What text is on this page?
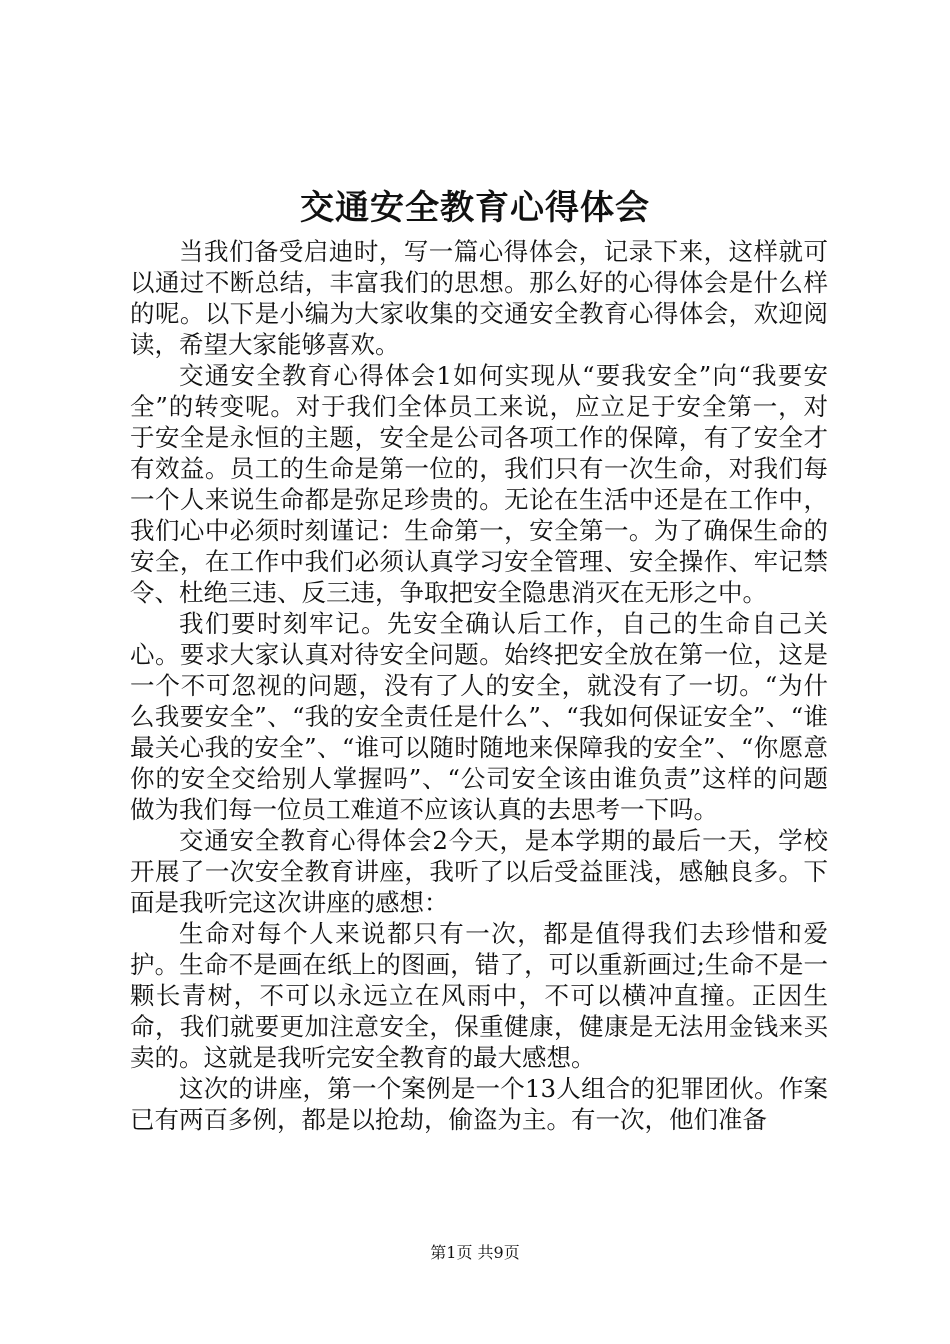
交通安全教育心得体会

当我们备受启迪时，写一篇心得体会，记录下来，这样就可以通过不断总结，丰富我们的思想。那么好的心得体会是什么样的呢。以下是小编为大家收集的交通安全教育心得体会，欢迎阅读，希望大家能够喜欢。

交通安全教育心得体会1如何实现从“要我安全”向“我要安全”的转变呢。对于我们全体员工来说，应立足于安全第一，对于安全是永恒的主题，安全是公司各项工作的保障，有了安全才有效益。员工的生命是第一位的，我们只有一次生命，对我们每一个人来说生命都是弥足珍贵的。无论在生活中还是在工作中，我们心中必须时刻谨记：生命第一，安全第一。为了确保生命的安全，在工作中我们必须认真学习安全管理、安全操作、牢记禁令、杜绝三违、反三违，争取把安全隐患消灭在无形之中。

我们要时刻牢记。先安全确认后工作，自己的生命自己关心。要求大家认真对待安全问题。始终把安全放在第一位，这是一个不可忽视的问题，没有了人的安全，就没有了一切。“为什么我要安全”、“我的安全责任是什么”、“我如何保证安全”、“谁最关心我的安全”、“谁可以随时随地来保障我的安全”、“你愿意你的安全交给别人掌握吗”、“公司安全该由谁负责”这样的问题做为我们每一位员工难道不应该认真的去思考一下吗。

交通安全教育心得体会2今天，是本学期的最后一天，学校开展了一次安全教育讲座，我听了以后受益匪浅，感触良多。下面是我听完这次讲座的感想：

生命对每个人来说都只有一次，都是值得我们去珍惜和爱护。生命不是画在纸上的图画，错了，可以重新画过;生命不是一颗长青树，不可以永远立在风雨中，不可以横冲直撞。正因生命，我们就要更加注意安全，保重健康，健康是无法用金钱来买卖的。这就是我听完安全教育的最大感想。

这次的讲座，第一个案例是一个13人组合的犯罪团伙。作案已有两百多例，都是以抢劫，偷盗为主。有一次，他们准备

第1页 共9页
